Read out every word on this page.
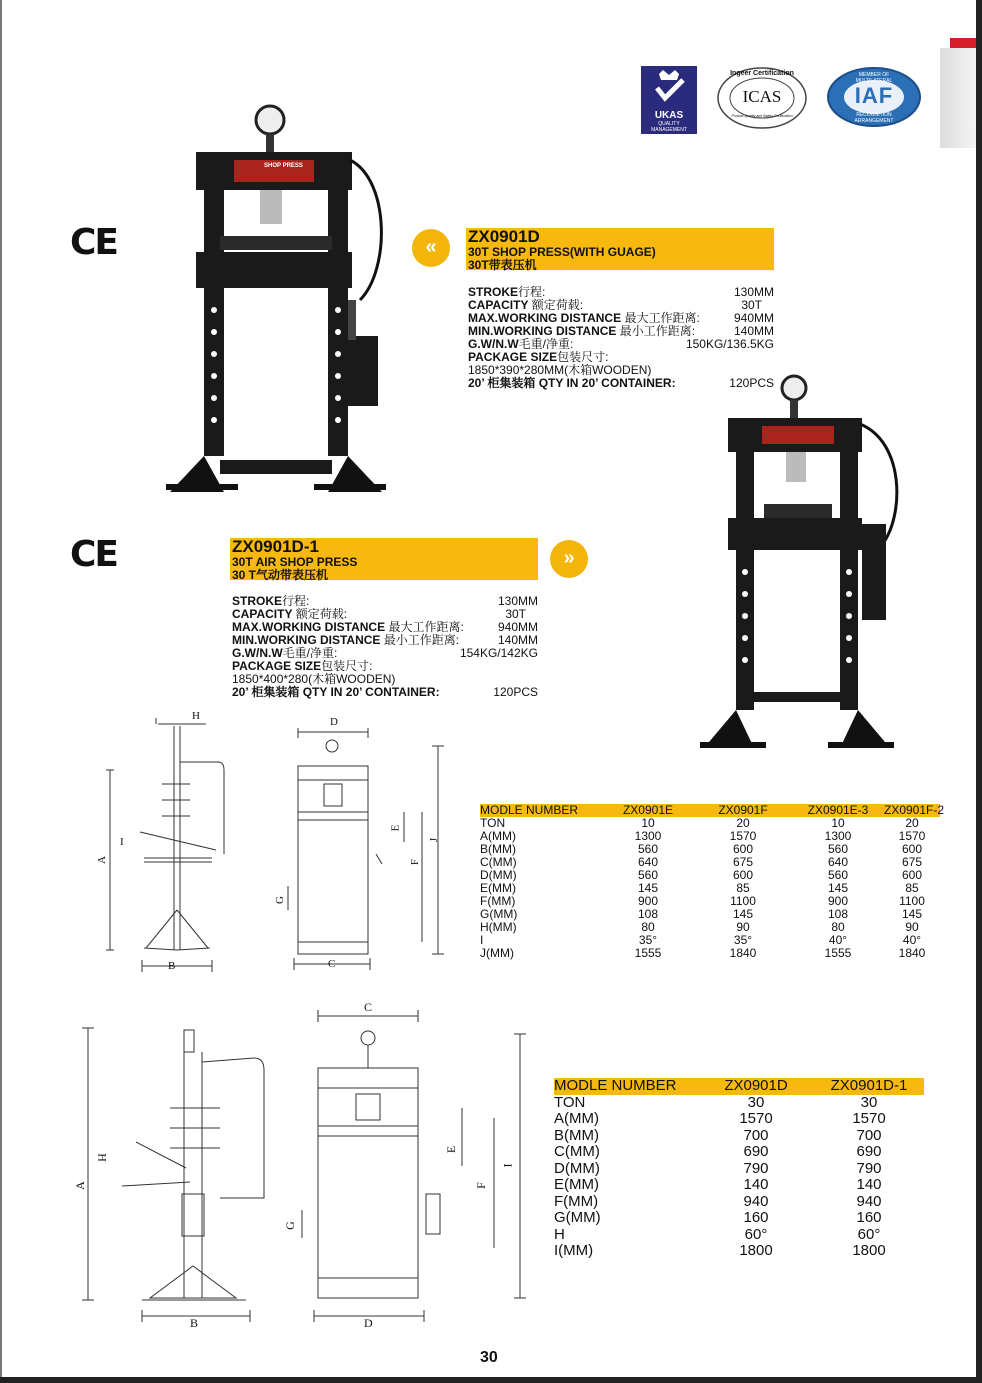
UKAS
QUALITY
MANAGEMENT
Ingeer Certification
ICAS
Product Quality and Safety Certification
MEMBER OF MULTILATERAL
IAF
RECOGNITION ARRANGEMENT
CE
CE
SHOP PRESS
«	ZX0901D
30T SHOP PRESS(WITH GUAGE)
30T带表压机
STROKE行程:	130MM
CAPACITY 额定荷载:	30T
MAX.WORKING DISTANCE 最大工作距离:	940MM
MIN.WORKING DISTANCE 最小工作距离:	140MM
G.W/N.W毛重/净重:	150KG/136.5KG
PACKAGE SIZE包装尺寸:
1850*390*280MM(木箱WOODEN)
20’ 柜集装箱 QTY IN 20’ CONTAINER:	120PCS
ZX0901D-1
30T AIR SHOP PRESS
30 T气动带表压机
»
STROKE行程:	130MM
CAPACITY 额定荷载:	30T
MAX.WORKING DISTANCE 最大工作距离:	940MM
MIN.WORKING DISTANCE 最小工作距离:	140MM
G.W/N.W毛重/净重:	154KG/142KG
PACKAGE SIZE包装尺寸:
1850*400*280(木箱WOODEN)
20’ 柜集装箱 QTY IN 20’ CONTAINER:	120PCS
H
A
I
B
D
E
F
G
J
C
MODLE NUMBER	ZX0901E	ZX0901F	ZX0901E-3	ZX0901F-2
TON	10	20	10	20
A(MM)	1300	1570	1300	1570
B(MM)	560	600	560	600
C(MM)	640	675	640	675
D(MM)	560	600	560	600
E(MM)	145	85	145	85
F(MM)	900	1100	900	1100
G(MM)	108	145	108	145
H(MM)	80	90	80	90
I	35°	35°	40°	40°
J(MM)	1555	1840	1555	1840
A
H
B
C
E
F
G
I
D
MODLE NUMBER	ZX0901D	ZX0901D-1
TON	30	30
A(MM)	1570	1570
B(MM)	700	700
C(MM)	690	690
D(MM)	790	790
E(MM)	140	140
F(MM)	940	940
G(MM)	160	160
H	60°	60°
I(MM)	1800	1800
30
